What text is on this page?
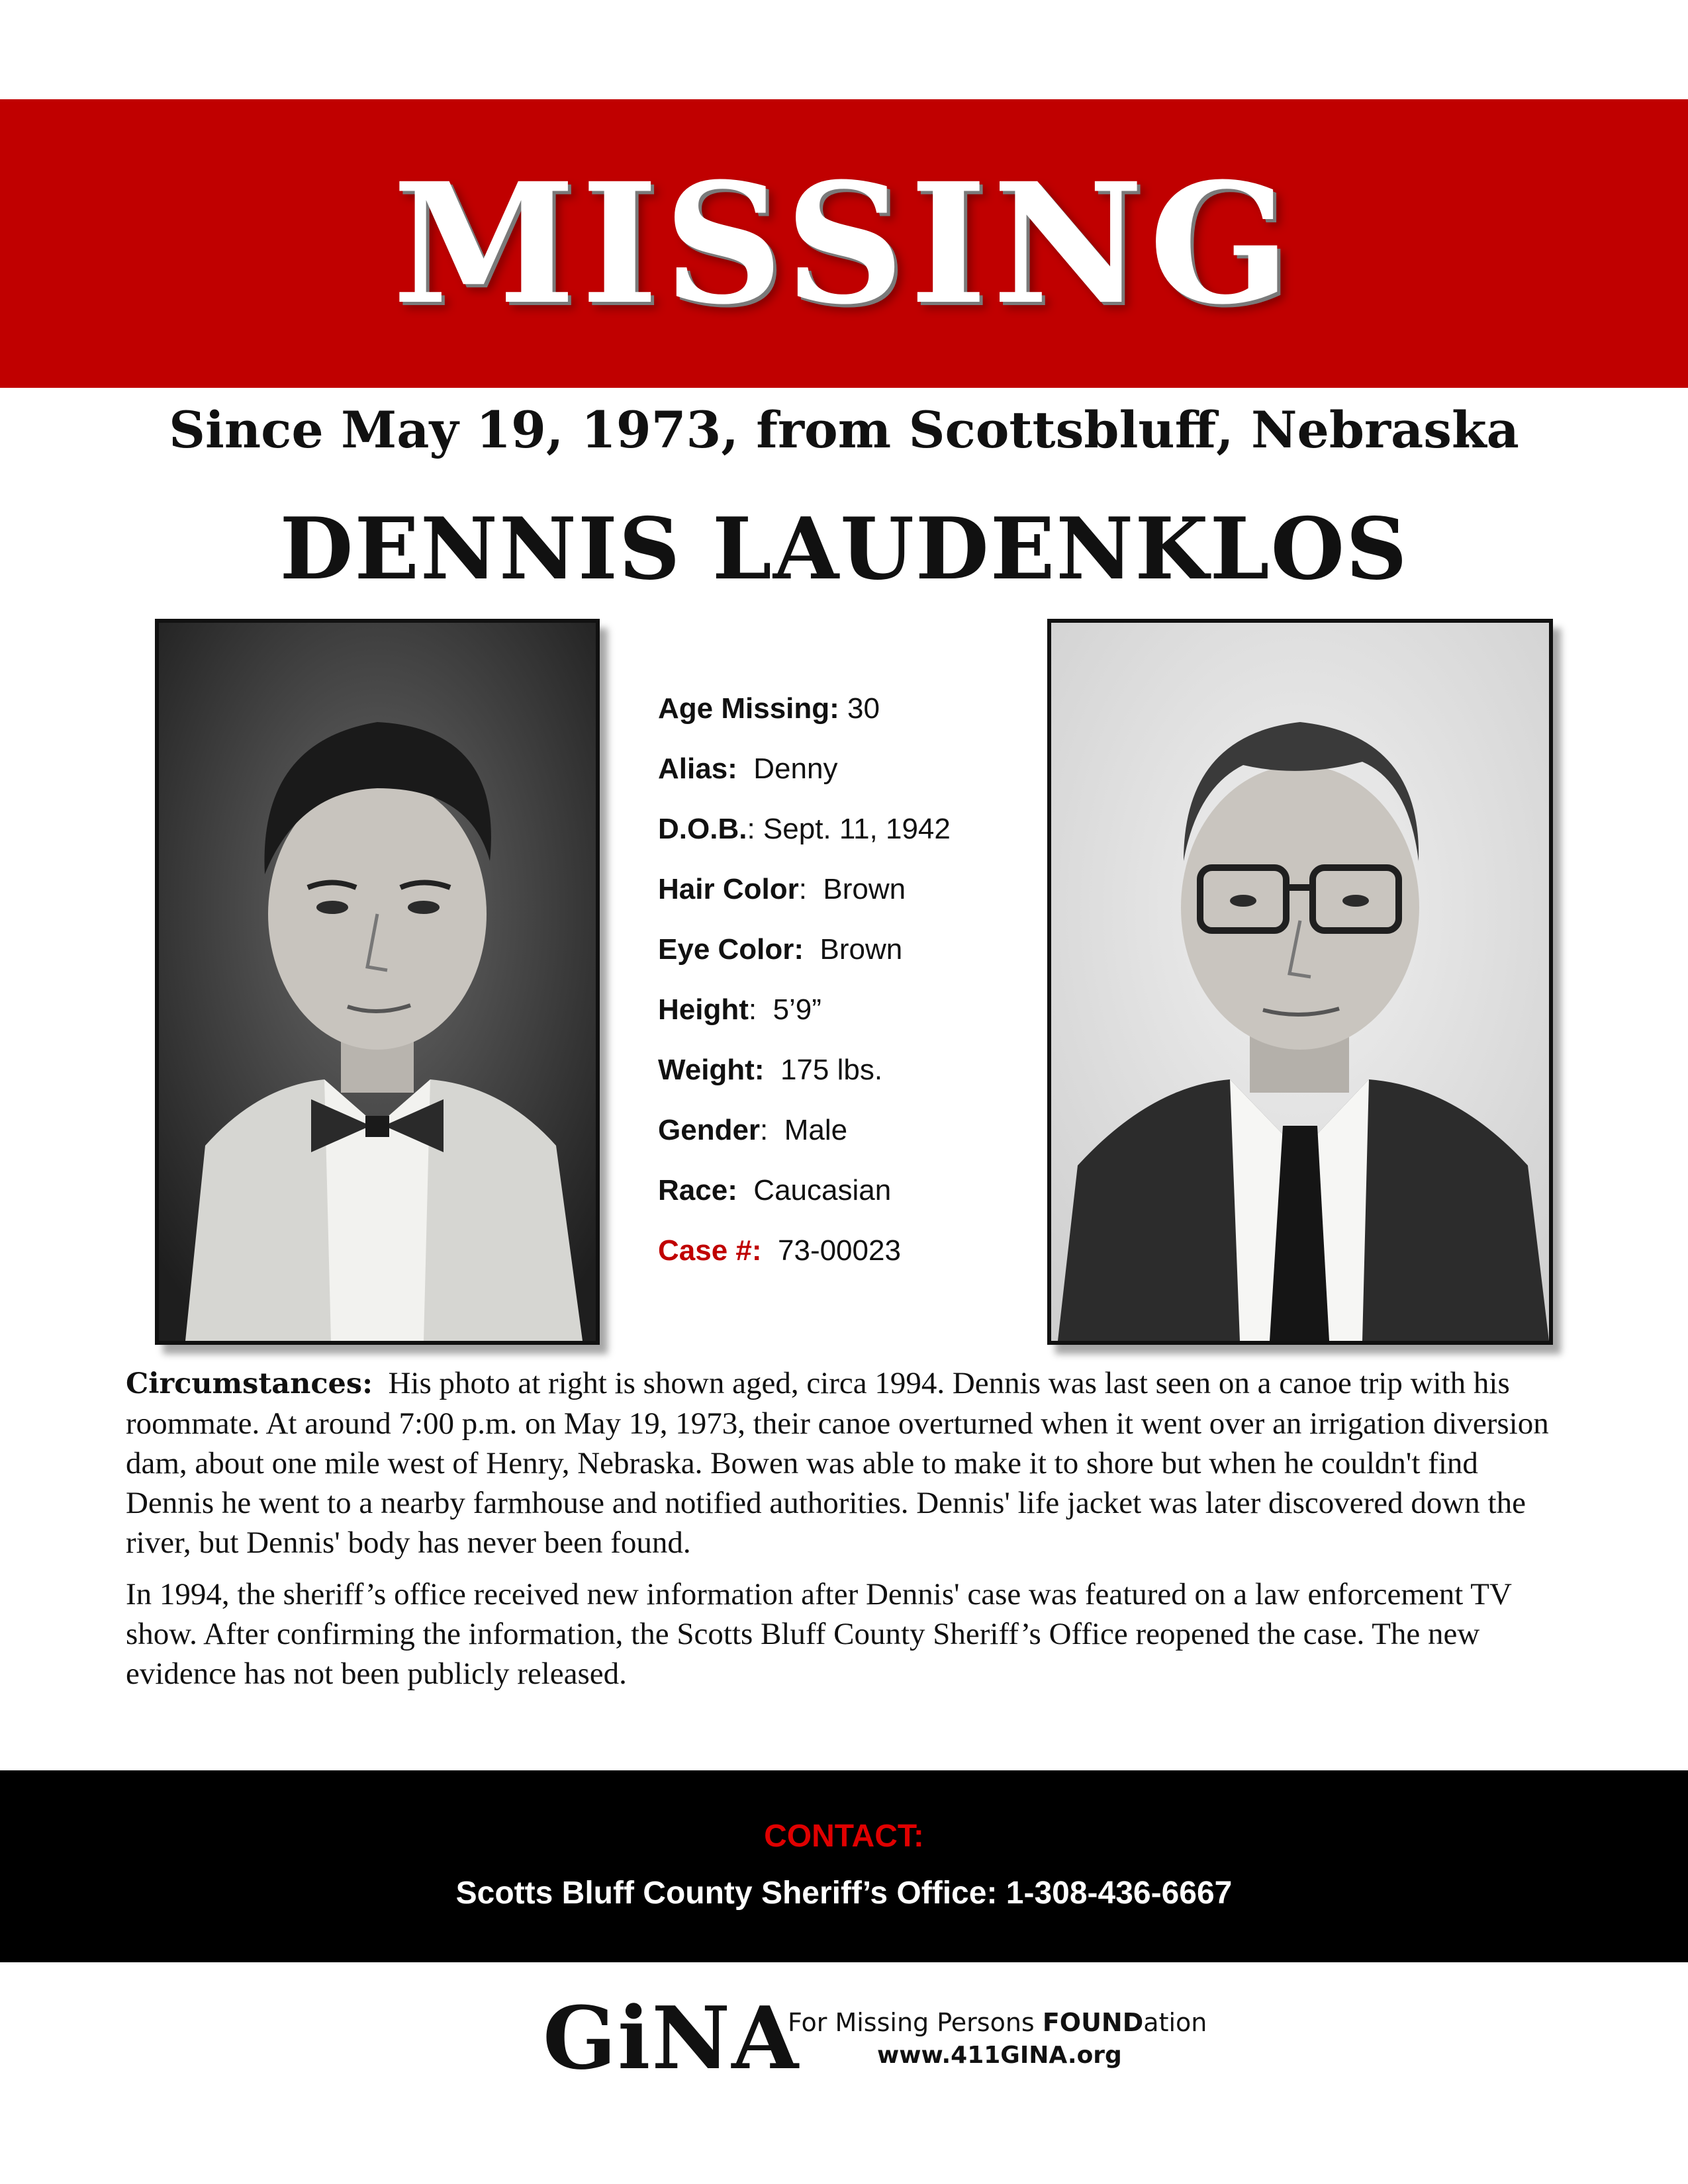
MISSING
Since May 19, 1973, from Scottsbluff, Nebraska
DENNIS LAUDENKLOS
Age Missing: 30
Alias:  Denny
D.O.B.: Sept. 11, 1942
Hair Color:  Brown
Eye Color:  Brown
Height:  5’9”
Weight:  175 lbs.
Gender:  Male
Race:  Caucasian
Case #:  73-00023

Circumstances: His photo at right is shown aged, circa 1994. Dennis was last seen on a canoe trip with his roommate. At around 7:00 p.m. on May 19, 1973, their canoe overturned when it went over an irrigation diversion dam, about one mile west of Henry, Nebraska. Bowen was able to make it to shore but when he couldn't find Dennis he went to a nearby farmhouse and notified authorities. Dennis' life jacket was later discovered down the river, but Dennis' body has never been found.

In 1994, the sheriff’s office received new information after Dennis' case was featured on a law enforcement TV show. After confirming the information, the Scotts Bluff County Sheriff’s Office reopened the case. The new evidence has not been publicly released.

CONTACT:
Scotts Bluff County Sheriff’s Office: 1-308-436-6667
GiNA
For Missing Persons FOUNDation
www.411GINA.org
